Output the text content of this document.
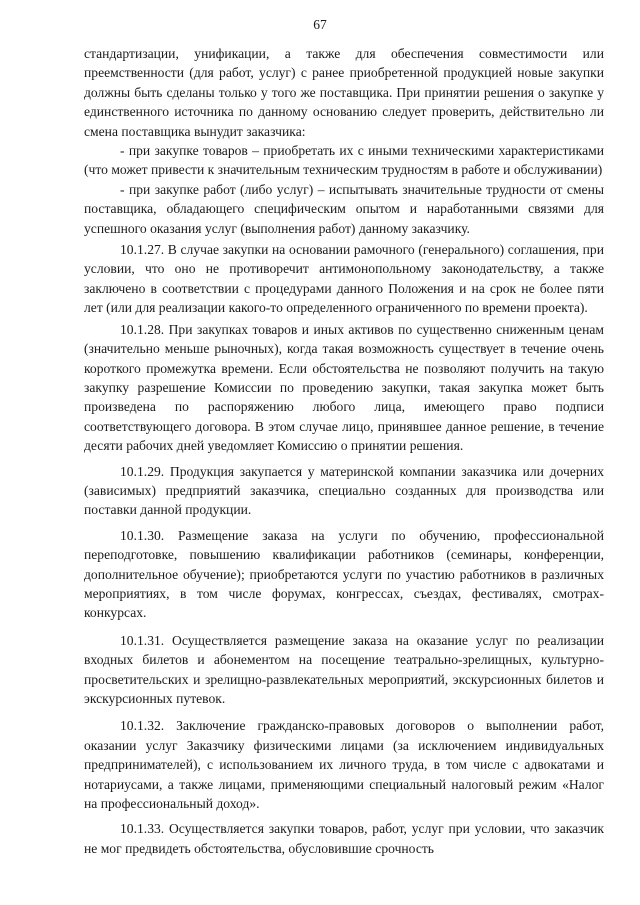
67

стандартизации, унификации, а также для обеспечения совместимости или преемственности (для работ, услуг) с ранее приобретенной продукцией новые закупки должны быть сделаны только у того же поставщика. При принятии решения о закупке у единственного источника по данному основанию следует проверить, действительно ли смена поставщика вынудит заказчика:

- при закупке товаров – приобретать их с иными техническими характеристиками (что может привести к значительным техническим трудностям в работе и обслуживании)

- при закупке работ (либо услуг) – испытывать значительные трудности от смены поставщика, обладающего специфическим опытом и наработанными связями для успешного оказания услуг (выполнения работ) данному заказчику.

10.1.27. В случае закупки на основании рамочного (генерального) соглашения, при условии, что оно не противоречит антимонопольному законодательству, а также заключено в соответствии с процедурами данного Положения и на срок не более пяти лет (или для реализации какого-то определенного ограниченного по времени проекта).

10.1.28. При закупках товаров и иных активов по существенно сниженным ценам (значительно меньше рыночных), когда такая возможность существует в течение очень короткого промежутка времени. Если обстоятельства не позволяют получить на такую закупку разрешение Комиссии по проведению закупки, такая закупка может быть произведена по распоряжению любого лица, имеющего право подписи соответствующего договора. В этом случае лицо, принявшее данное решение, в течение десяти рабочих дней уведомляет Комиссию о принятии решения.

10.1.29. Продукция закупается у материнской компании заказчика или дочерних (зависимых) предприятий заказчика, специально созданных для производства или поставки данной продукции.

10.1.30. Размещение заказа на услуги по обучению, профессиональной переподготовке, повышению квалификации работников (семинары, конференции, дополнительное обучение); приобретаются услуги по участию работников в различных мероприятиях, в том числе форумах, конгрессах, съездах, фестивалях, смотрах-конкурсах.

10.1.31. Осуществляется размещение заказа на оказание услуг по реализации входных билетов и абонементом на посещение театрально-зрелищных, культурно-просветительских и зрелищно-развлекательных мероприятий, экскурсионных билетов и экскурсионных путевок.

10.1.32. Заключение гражданско-правовых договоров о выполнении работ, оказании услуг Заказчику физическими лицами (за исключением индивидуальных предпринимателей), с использованием их личного труда, в том числе с адвокатами и нотариусами, а также лицами, применяющими специальный налоговый режим «Налог на профессиональный доход».

10.1.33. Осуществляется закупки товаров, работ, услуг при условии, что заказчик не мог предвидеть обстоятельства, обусловившие срочность
